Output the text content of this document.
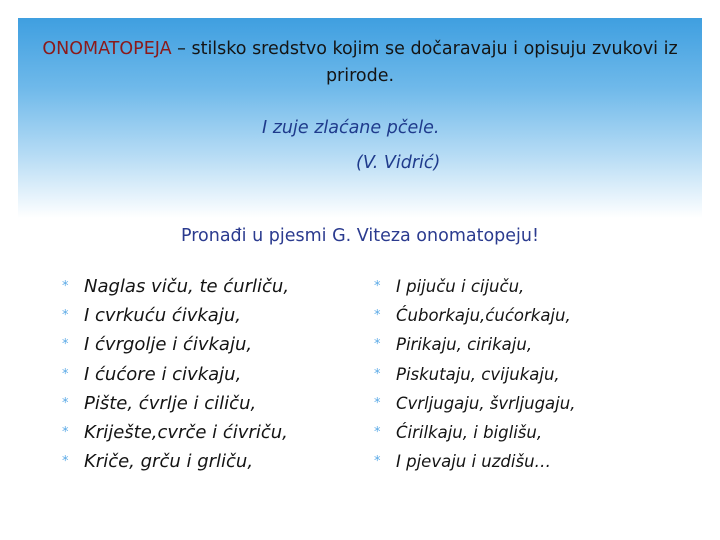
ONOMATOPEJA – stilsko sredstvo kojim se dočaravaju i opisuju zvukovi iz prirode.
I zuje zlaćane pčele.
(V. Vidrić)
Pronađi u pjesmi G. Viteza onomatopeju!
* Naglas viču, te ćurliču,
* I cvrkuću ćivkaju,
* I ćvrgolje i ćivkaju,
* I ćućore i civkaju,
* Pište, ćvrlje i ciliču,
* Kriješte,cvrče i ćivriču,
* Kriče, grču i grliču,
* I pijuču i cijuču,
* Ćuborkaju,ćućorkaju,
* Pirikaju, cirikaju,
* Piskutaju, cvijukaju,
* Cvrljugaju, švrljugaju,
* Ćirilkaju, i biglišu,
* I pjevaju i uzdišu…
